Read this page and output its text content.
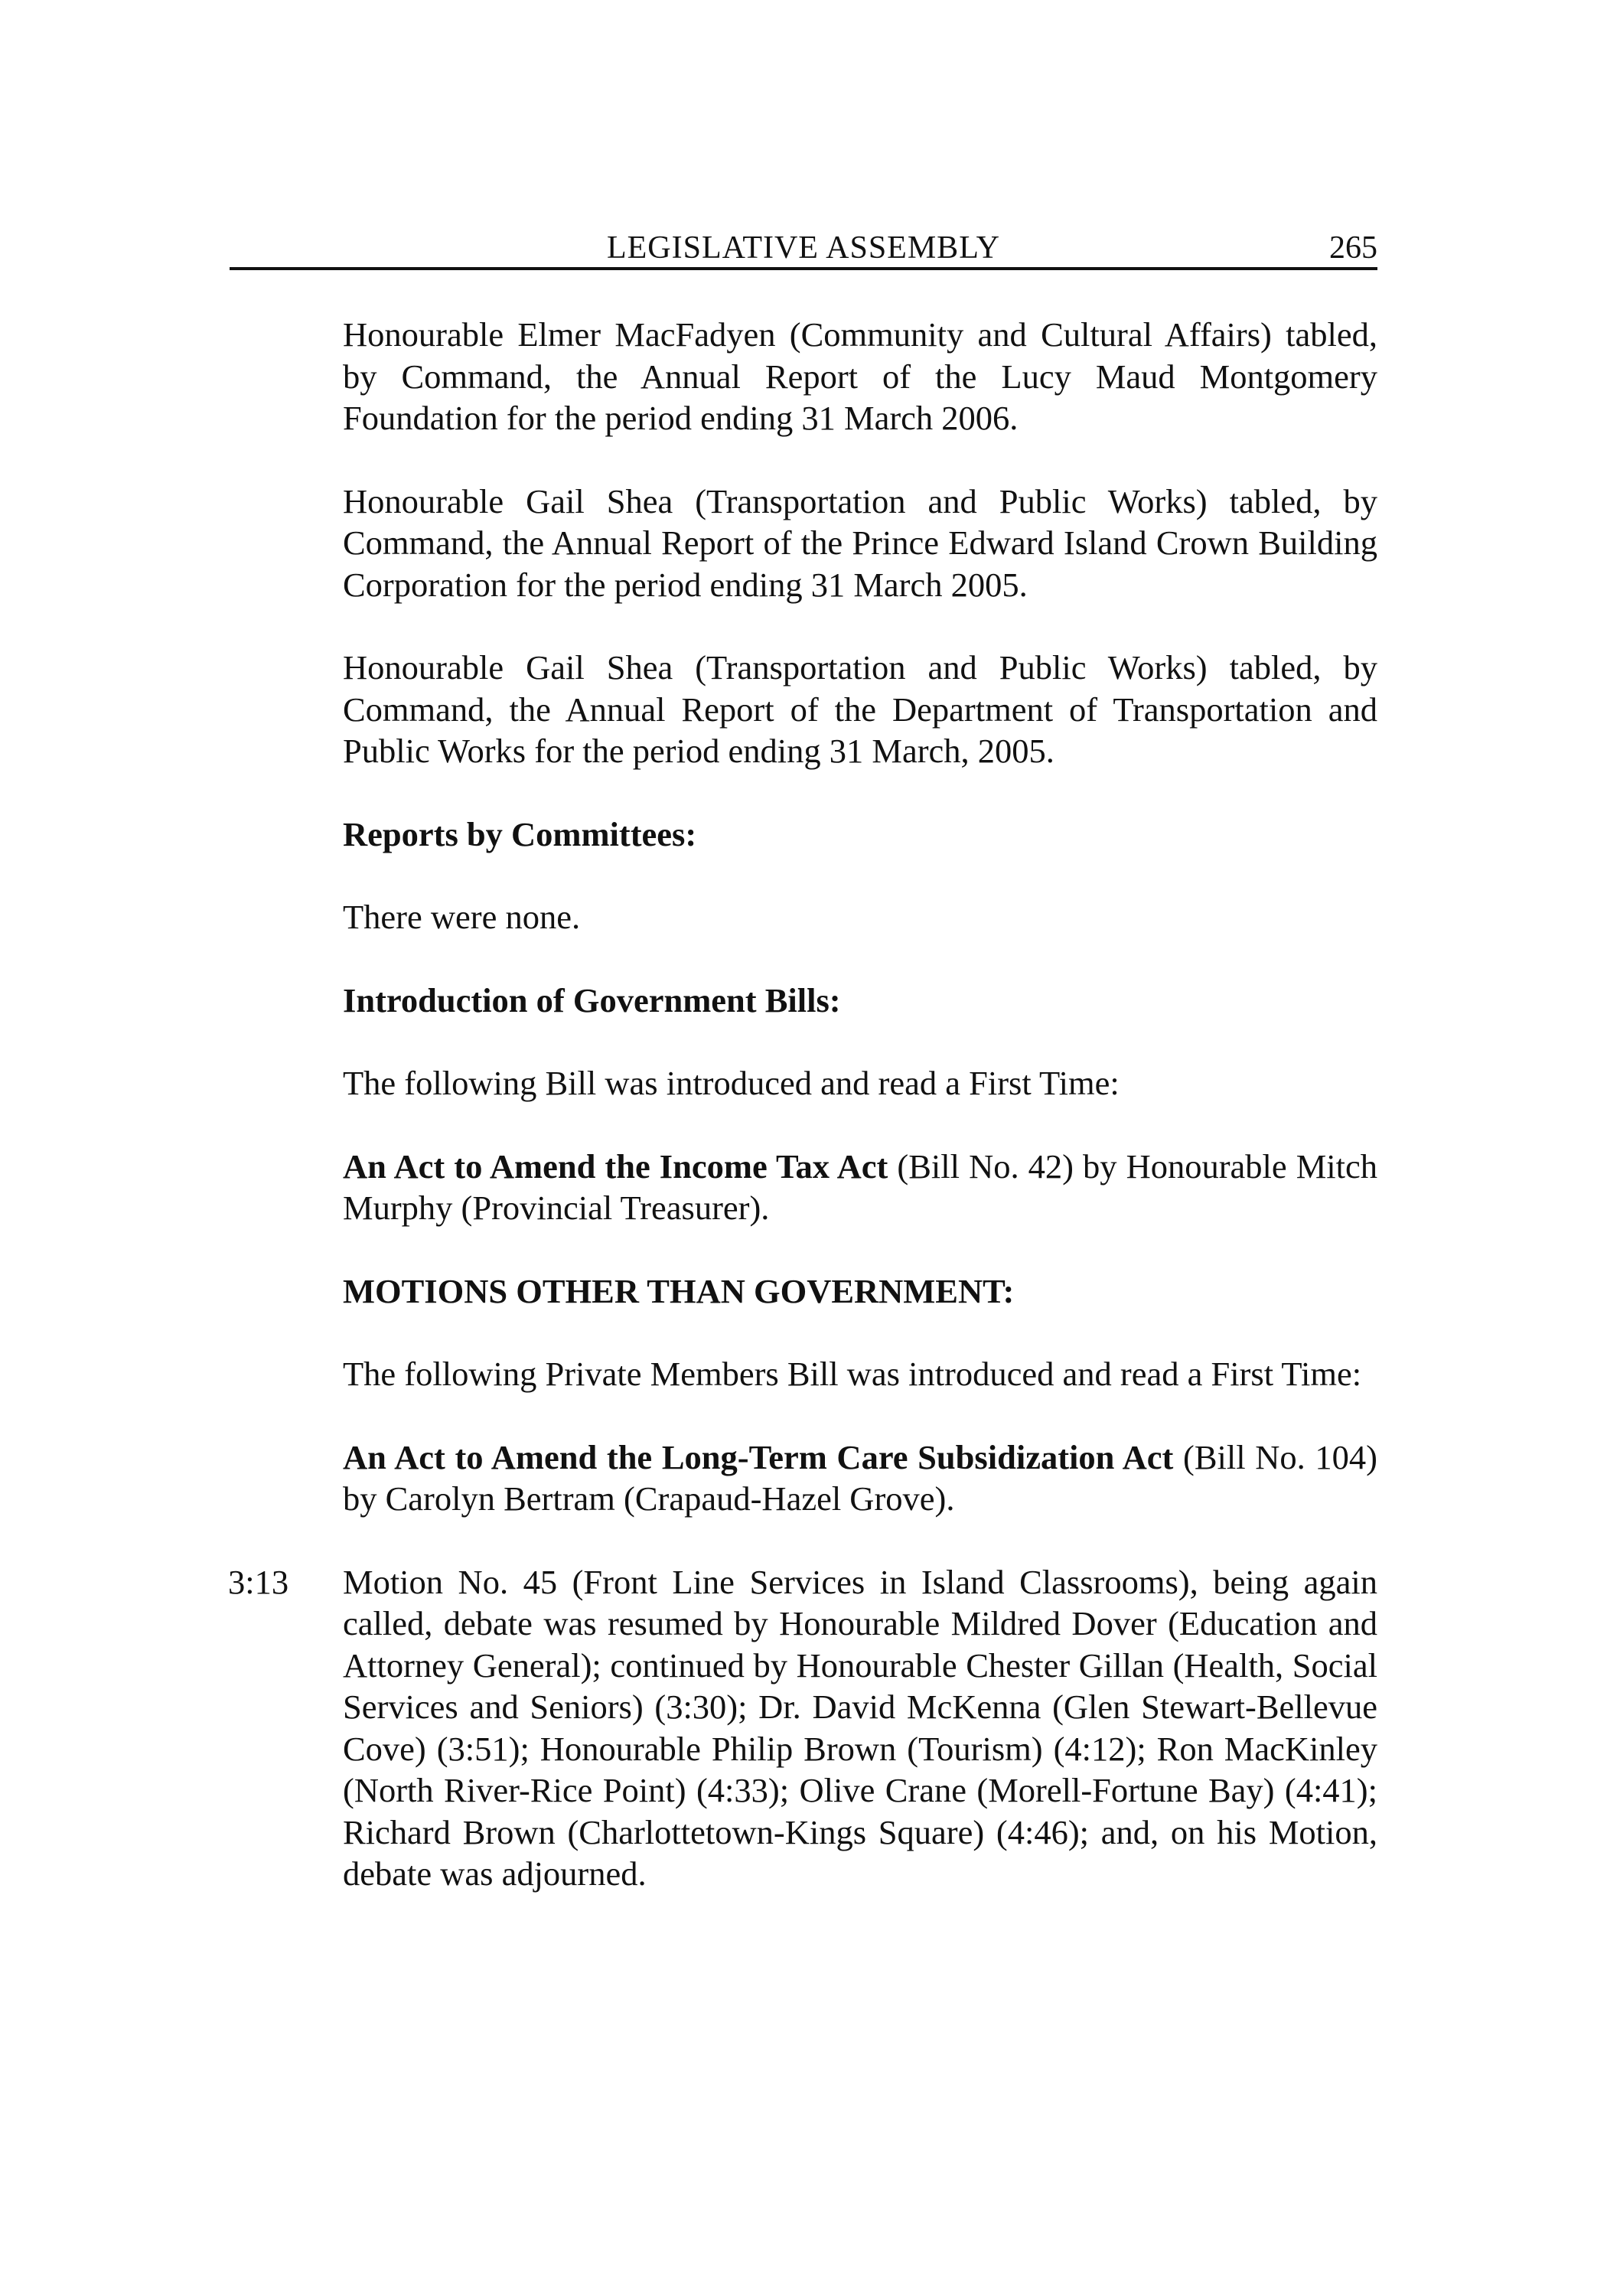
LEGISLATIVE ASSEMBLY	265

Honourable Elmer MacFadyen (Community and Cultural Affairs) tabled, by Command, the Annual Report of the Lucy Maud Montgomery Foundation for the period ending 31 March 2006.

Honourable Gail Shea (Transportation and Public Works) tabled, by Command, the Annual Report of the Prince Edward Island Crown Building Corporation for the period ending 31 March 2005.

Honourable Gail Shea (Transportation and Public Works) tabled, by Command, the Annual Report of the Department of Transportation and Public Works for the period ending 31 March, 2005.

Reports by Committees:

There were none.

Introduction of Government Bills:

The following Bill was introduced and read a First Time:

An Act to Amend the Income Tax Act (Bill No. 42) by Honourable Mitch Murphy (Provincial Treasurer).

MOTIONS OTHER THAN GOVERNMENT:

The following Private Members Bill was introduced and read a First Time:

An Act to Amend the Long-Term Care Subsidization Act (Bill No. 104) by Carolyn Bertram (Crapaud-Hazel Grove).

3:13 Motion No. 45 (Front Line Services in Island Classrooms), being again called, debate was resumed by Honourable Mildred Dover (Education and Attorney General); continued by Honourable Chester Gillan (Health, Social Services and Seniors) (3:30); Dr. David McKenna (Glen Stewart-Bellevue Cove) (3:51); Honourable Philip Brown (Tourism) (4:12); Ron MacKinley (North River-Rice Point) (4:33); Olive Crane (Morell-Fortune Bay) (4:41); Richard Brown (Charlottetown-Kings Square) (4:46); and, on his Motion, debate was adjourned.
